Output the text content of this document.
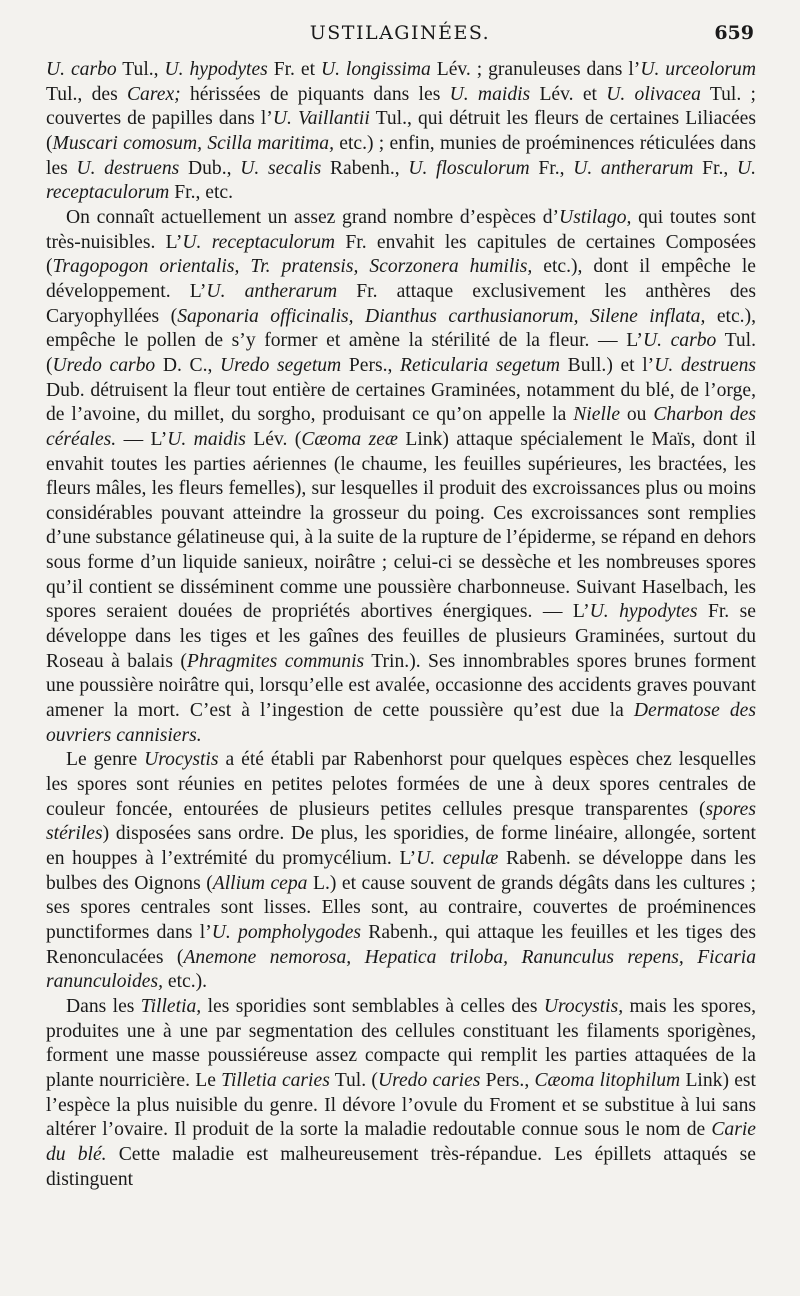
USTILAGINÉES.	659

U. carbo Tul., U. hypodytes Fr. et U. longissima Lév. ; granuleuses dans l’U. urceolorum Tul., des Carex; hérissées de piquants dans les U. maidis Lév. et U. olivacea Tul. ; couvertes de papilles dans l’U. Vaillantii Tul., qui détruit les fleurs de certaines Liliacées (Muscari comosum, Scilla maritima, etc.) ; enfin, munies de proéminences réticulées dans les U. destruens Dub., U. secalis Rabenh., U. flosculorum Fr., U. antherarum Fr., U. receptaculorum Fr., etc.

On connaît actuellement un assez grand nombre d’espèces d’Ustilago, qui toutes sont très-nuisibles. L’U. receptaculorum Fr. envahit les capitules de certaines Composées (Tragopogon orientalis, Tr. pratensis, Scorzonera humilis, etc.), dont il empêche le développement. L’U. antherarum Fr. attaque exclusivement les anthères des Caryophyllées (Saponaria officinalis, Dianthus carthusianorum, Silene inflata, etc.), empêche le pollen de s’y former et amène la stérilité de la fleur. — L’U. carbo Tul. (Uredo carbo D. C., Uredo segetum Pers., Reticularia segetum Bull.) et l’U. destruens Dub. détruisent la fleur tout entière de certaines Graminées, notamment du blé, de l’orge, de l’avoine, du millet, du sorgho, produisant ce qu’on appelle la Nielle ou Charbon des céréales. — L’U. maidis Lév. (Cæoma zeæ Link) attaque spécialement le Maïs, dont il envahit toutes les parties aériennes (le chaume, les feuilles supérieures, les bractées, les fleurs mâles, les fleurs femelles), sur lesquelles il produit des excroissances plus ou moins considérables pouvant atteindre la grosseur du poing. Ces excroissances sont remplies d’une substance gélatineuse qui, à la suite de la rupture de l’épiderme, se répand en dehors sous forme d’un liquide sanieux, noirâtre ; celui-ci se dessèche et les nombreuses spores qu’il contient se disséminent comme une poussière charbonneuse. Suivant Haselbach, les spores seraient douées de propriétés abortives énergiques. — L’U. hypodytes Fr. se développe dans les tiges et les gaînes des feuilles de plusieurs Graminées, surtout du Roseau à balais (Phragmites communis Trin.). Ses innombrables spores brunes forment une poussière noirâtre qui, lorsqu’elle est avalée, occasionne des accidents graves pouvant amener la mort. C’est à l’ingestion de cette poussière qu’est due la Dermatose des ouvriers cannisiers.

Le genre Urocystis a été établi par Rabenhorst pour quelques espèces chez lesquelles les spores sont réunies en petites pelotes formées de une à deux spores centrales de couleur foncée, entourées de plusieurs petites cellules presque transparentes (spores stériles) disposées sans ordre. De plus, les sporidies, de forme linéaire, allongée, sortent en houppes à l’extrémité du promycélium. L’U. cepulæ Rabenh. se développe dans les bulbes des Oignons (Allium cepa L.) et cause souvent de grands dégâts dans les cultures ; ses spores centrales sont lisses. Elles sont, au contraire, couvertes de proéminences punctiformes dans l’U. pompholygodes Rabenh., qui attaque les feuilles et les tiges des Renonculacées (Anemone nemorosa, Hepatica triloba, Ranunculus repens, Ficaria ranunculoides, etc.).

Dans les Tilletia, les sporidies sont semblables à celles des Urocystis, mais les spores, produites une à une par segmentation des cellules constituant les filaments sporigènes, forment une masse poussiéreuse assez compacte qui remplit les parties attaquées de la plante nourricière. Le Tilletia caries Tul. (Uredo caries Pers., Cæoma litophilum Link) est l’espèce la plus nuisible du genre. Il dévore l’ovule du Froment et se substitue à lui sans altérer l’ovaire. Il produit de la sorte la maladie redoutable connue sous le nom de Carie du blé. Cette maladie est malheureusement très-répandue. Les épillets attaqués se distinguent
